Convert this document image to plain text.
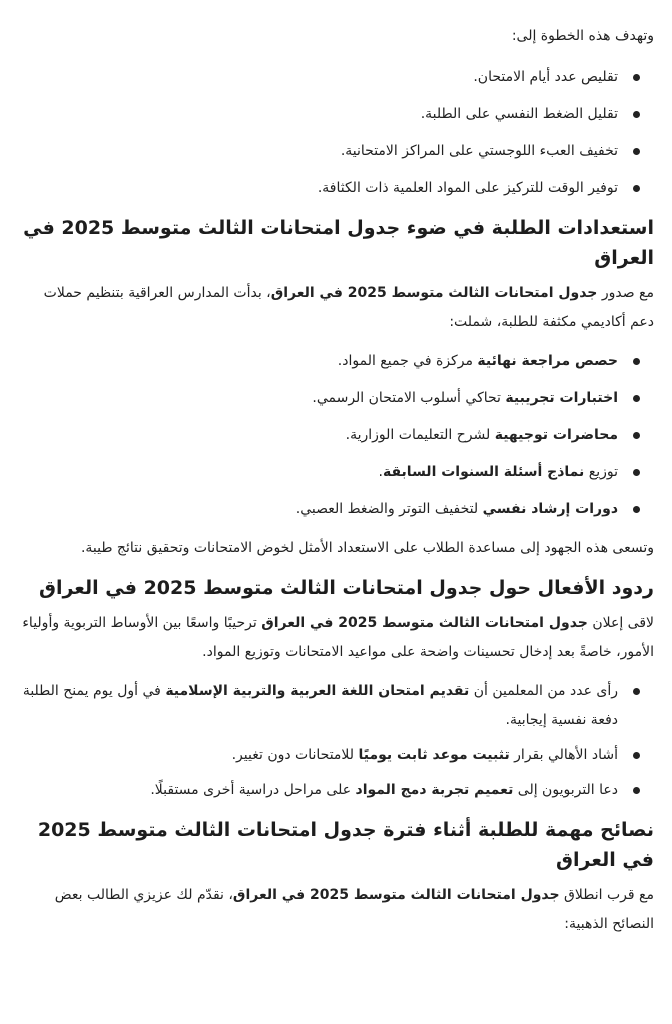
وتهدف هذه الخطوة إلى:

تقليص عدد أيام الامتحان.
تقليل الضغط النفسي على الطلبة.
تخفيف العبء اللوجستي على المراكز الامتحانية.
توفير الوقت للتركيز على المواد العلمية ذات الكثافة.
استعدادات الطلبة في ضوء جدول امتحانات الثالث متوسط 2025 في العراق

مع صدور جدول امتحانات الثالث متوسط 2025 في العراق، بدأت المدارس العراقية بتنظيم حملات دعم أكاديمي مكثفة للطلبة، شملت:

حصص مراجعة نهائية مركزة في جميع المواد.
اختبارات تجريبية تحاكي أسلوب الامتحان الرسمي.
محاضرات توجيهية لشرح التعليمات الوزارية.
توزيع نماذج أسئلة السنوات السابقة.
دورات إرشاد نفسي لتخفيف التوتر والضغط العصبي.

وتسعى هذه الجهود إلى مساعدة الطلاب على الاستعداد الأمثل لخوض الامتحانات وتحقيق نتائج طيبة.

ردود الأفعال حول جدول امتحانات الثالث متوسط 2025 في العراق

لاقى إعلان جدول امتحانات الثالث متوسط 2025 في العراق ترحيبًا واسعًا بين الأوساط التربوية وأولياء الأمور، خاصةً بعد إدخال تحسينات واضحة على مواعيد الامتحانات وتوزيع المواد.

رأى عدد من المعلمين أن تقديم امتحان اللغة العربية والتربية الإسلامية في أول يوم يمنح الطلبة دفعة نفسية إيجابية.
أشاد الأهالي بقرار تثبيت موعد ثابت يوميًا للامتحانات دون تغيير.
دعا التربويون إلى تعميم تجربة دمج المواد على مراحل دراسية أخرى مستقبلًا.
نصائح مهمة للطلبة أثناء فترة جدول امتحانات الثالث متوسط 2025 في العراق

مع قرب انطلاق جدول امتحانات الثالث متوسط 2025 في العراق، نقدّم لك عزيزي الطالب بعض النصائح الذهبية:
